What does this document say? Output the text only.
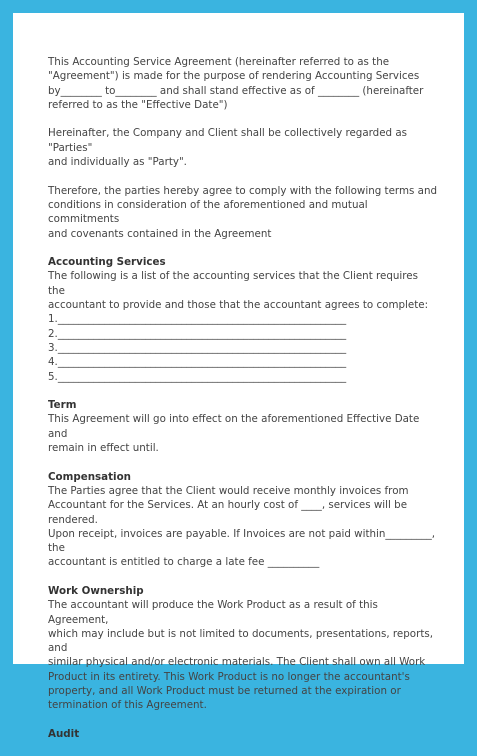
This Accounting Service Agreement (hereinafter referred to as the
"Agreement") is made for the purpose of rendering Accounting Services
by________ to________ and shall stand effective as of ________ (hereinafter
referred to as the "Effective Date")

Hereinafter, the Company and Client shall be collectively regarded as "Parties"
and individually as "Party".

Therefore, the parties hereby agree to comply with the following terms and
conditions in consideration of the aforementioned and mutual commitments
and covenants contained in the Agreement

Accounting Services

The following is a list of the accounting services that the Client requires the
accountant to provide and those that the accountant agrees to complete:

1.________________________________________________________

2.________________________________________________________

3.________________________________________________________

4.________________________________________________________

5.________________________________________________________

Term

This Agreement will go into effect on the aforementioned Effective Date and
remain in effect until.

Compensation

The Parties agree that the Client would receive monthly invoices from
Accountant for the Services. At an hourly cost of ____, services will be rendered.
Upon receipt, invoices are payable. If Invoices are not paid within_________, the
accountant is entitled to charge a late fee __________

Work Ownership

The accountant will produce the Work Product as a result of this Agreement,
which may include but is not limited to documents, presentations, reports, and
similar physical and/or electronic materials. The Client shall own all Work
Product in its entirety. This Work Product is no longer the accountant's
property, and all Work Product must be returned at the expiration or
termination of this Agreement.

Audit
